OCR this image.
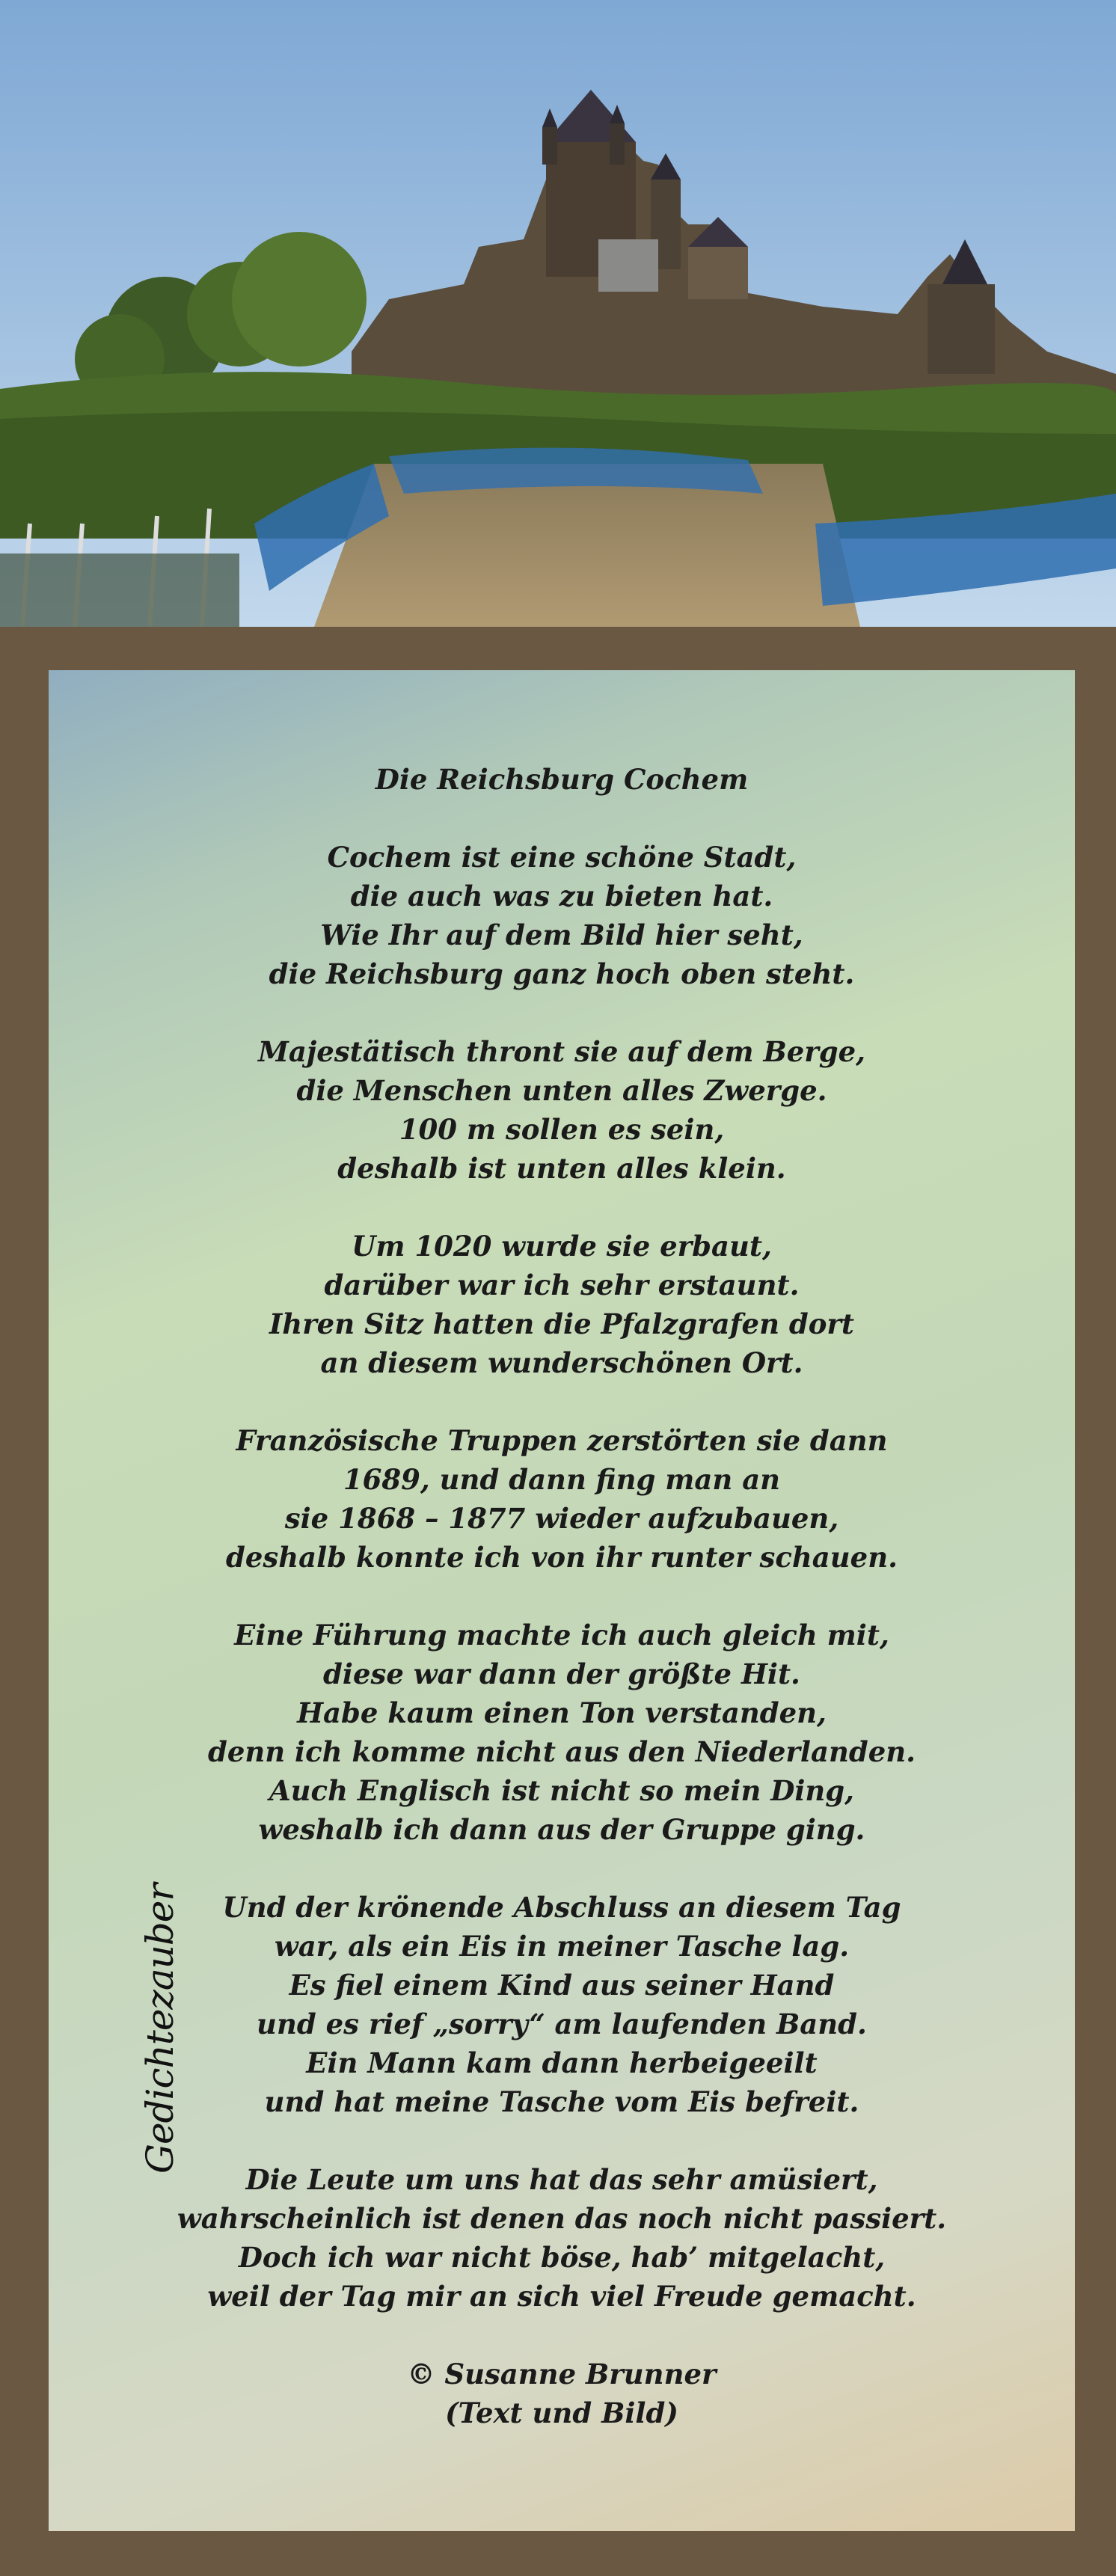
Die Reichsburg Cochem
Cochem ist eine schöne Stadt,
die auch was zu bieten hat.
Wie Ihr auf dem Bild hier seht,
die Reichsburg ganz hoch oben steht.
Majestätisch thront sie auf dem Berge,
die Menschen unten alles Zwerge.
100 m sollen es sein,
deshalb ist unten alles klein.
Um 1020 wurde sie erbaut,
darüber war ich sehr erstaunt.
Ihren Sitz hatten die Pfalzgrafen dort
an diesem wunderschönen Ort.
Französische Truppen zerstörten sie dann
1689, und dann fing man an
sie 1868 – 1877 wieder aufzubauen,
deshalb konnte ich von ihr runter schauen.
Eine Führung machte ich auch gleich mit,
diese war dann der größte Hit.
Habe kaum einen Ton verstanden,
denn ich komme nicht aus den Niederlanden.
Auch Englisch ist nicht so mein Ding,
weshalb ich dann aus der Gruppe ging.
Und der krönende Abschluss an diesem Tag
war, als ein Eis in meiner Tasche lag.
Es fiel einem Kind aus seiner Hand
und es rief „sorry“ am laufenden Band.
Ein Mann kam dann herbeigeeilt
und hat meine Tasche vom Eis befreit.
Die Leute um uns hat das sehr amüsiert,
wahrscheinlich ist denen das noch nicht passiert.
Doch ich war nicht böse, hab’ mitgelacht,
weil der Tag mir an sich viel Freude gemacht.
© Susanne Brunner
(Text und Bild)
Gedichtezauber
